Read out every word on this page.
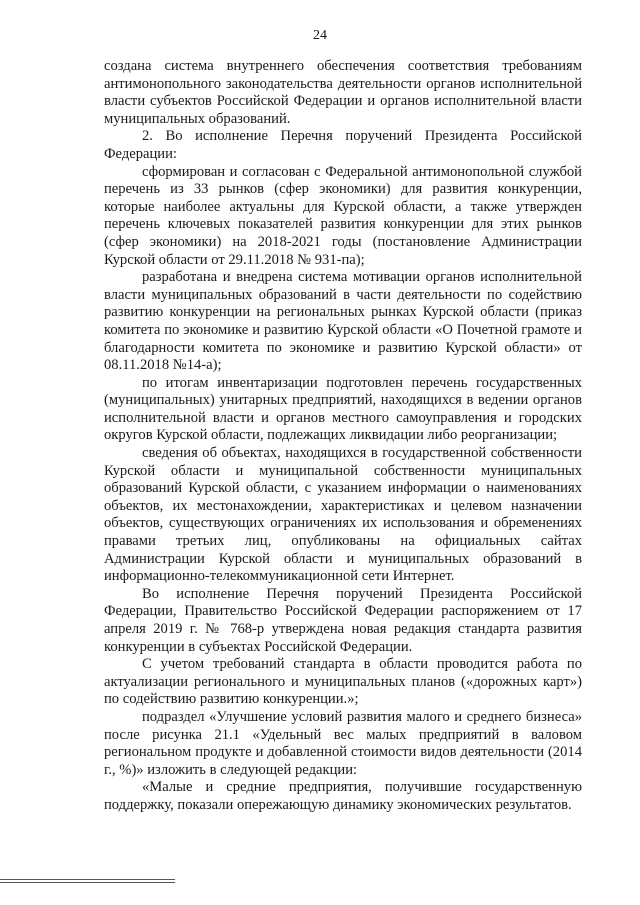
24

создана система внутреннего обеспечения соответствия требованиям антимонопольного законодательства деятельности органов исполнительной власти субъектов Российской Федерации и органов исполнительной власти муниципальных образований.

2. Во исполнение Перечня поручений Президента Российской Федерации:

сформирован и согласован с Федеральной антимонопольной службой перечень из 33 рынков (сфер экономики) для развития конкуренции, которые наиболее актуальны для Курской области, а также утвержден перечень ключевых показателей развития конкуренции для этих рынков (сфер экономики) на 2018-2021 годы (постановление Администрации Курской области от 29.11.2018 № 931-па);

разработана и внедрена система мотивации органов исполнительной власти муниципальных образований в части деятельности по содействию развитию конкуренции на региональных рынках Курской области (приказ комитета по экономике и развитию Курской области «О Почетной грамоте и благодарности комитета по экономике и развитию Курской области» от 08.11.2018 №14-а);

по итогам инвентаризации подготовлен перечень государственных (муниципальных) унитарных предприятий, находящихся в ведении органов исполнительной власти и органов местного самоуправления и городских округов Курской области, подлежащих ликвидации либо реорганизации;

сведения об объектах, находящихся в государственной собственности Курской области и муниципальной собственности муниципальных образований Курской области, с указанием информации о наименованиях объектов, их местонахождении, характеристиках и целевом назначении объектов, существующих ограничениях их использования и обременениях правами третьих лиц, опубликованы на официальных сайтах Администрации Курской области и муниципальных образований в информационно-телекоммуникационной сети Интернет.

Во исполнение Перечня поручений Президента Российской Федерации, Правительство Российской Федерации распоряжением от 17 апреля 2019 г. № 768-р утверждена новая редакция стандарта развития конкуренции в субъектах Российской Федерации.

С учетом требований стандарта в области проводится работа по актуализации регионального и муниципальных планов («дорожных карт») по содействию развитию конкуренции.»;

подраздел «Улучшение условий развития малого и среднего бизнеса» после рисунка 21.1 «Удельный вес малых предприятий в валовом региональном продукте и добавленной стоимости видов деятельности (2014 г., %)» изложить в следующей редакции:

«Малые и средние предприятия, получившие государственную поддержку, показали опережающую динамику экономических результатов.
